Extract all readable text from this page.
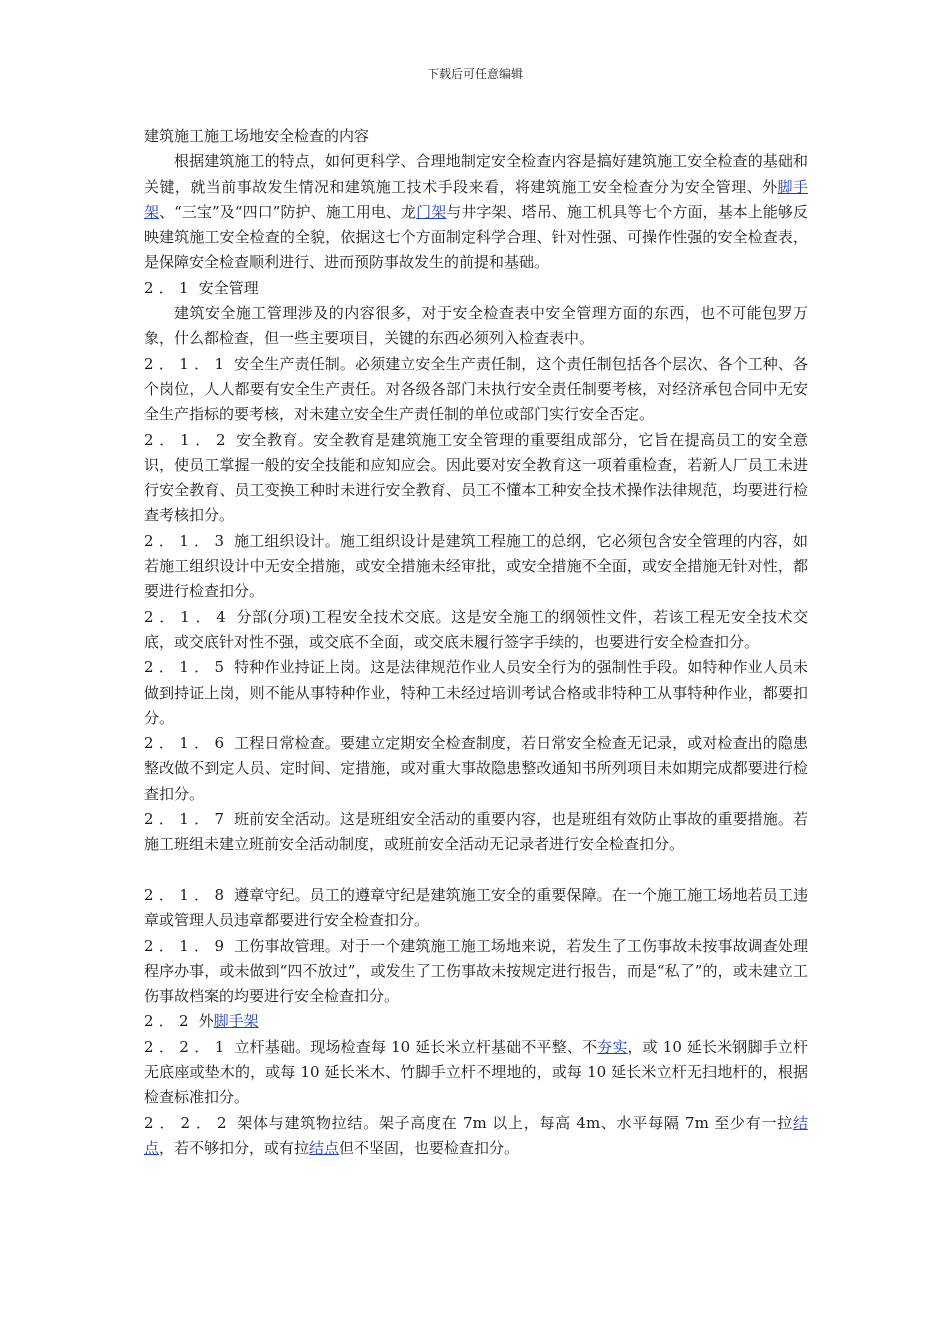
下载后可任意编辑

建筑施工施工场地安全检查的内容

根据建筑施工的特点，如何更科学、合理地制定安全检查内容是搞好建筑施工安全检查的基础和关键，就当前事故发生情况和建筑施工技术手段来看，将建筑施工安全检查分为安全管理、外脚手架、“三宝”及“四口”防护、施工用电、龙门架与井字架、塔吊、施工机具等七个方面，基本上能够反映建筑施工安全检查的全貌，依据这七个方面制定科学合理、针对性强、可操作性强的安全检查表，是保障安全检查顺利进行、进而预防事故发生的前提和基础。

2．1 安全管理

建筑安全施工管理涉及的内容很多，对于安全检查表中安全管理方面的东西，也不可能包罗万象，什么都检查，但一些主要项目，关键的东西必须列入检查表中。

2．1．1 安全生产责任制。必须建立安全生产责任制，这个责任制包括各个层次、各个工种、各个岗位，人人都要有安全生产责任。对各级各部门未执行安全责任制要考核，对经济承包合同中无安全生产指标的要考核，对未建立安全生产责任制的单位或部门实行安全否定。

2．1．2 安全教育。安全教育是建筑施工安全管理的重要组成部分，它旨在提高员工的安全意识，使员工掌握一般的安全技能和应知应会。因此要对安全教育这一项着重检查，若新人厂员工未进行安全教育、员工变换工种时未进行安全教育、员工不懂本工种安全技术操作法律规范，均要进行检查考核扣分。

2．1．3 施工组织设计。施工组织设计是建筑工程施工的总纲，它必须包含安全管理的内容，如若施工组织设计中无安全措施，或安全措施未经审批，或安全措施不全面，或安全措施无针对性，都要进行检查扣分。

2．1．4 分部(分项)工程安全技术交底。这是安全施工的纲领性文件，若该工程无安全技术交底，或交底针对性不强，或交底不全面，或交底未履行签字手续的，也要进行安全检查扣分。

2．1．5 特种作业持证上岗。这是法律规范作业人员安全行为的强制性手段。如特种作业人员未做到持证上岗，则不能从事特种作业，特种工未经过培训考试合格或非特种工从事特种作业，都要扣分。

2．1．6 工程日常检查。要建立定期安全检查制度，若日常安全检查无记录，或对检查出的隐患整改做不到定人员、定时间、定措施，或对重大事故隐患整改通知书所列项目未如期完成都要进行检查扣分。

2．1．7 班前安全活动。这是班组安全活动的重要内容，也是班组有效防止事故的重要措施。若施工班组未建立班前安全活动制度，或班前安全活动无记录者进行安全检查扣分。

2．1．8 遵章守纪。员工的遵章守纪是建筑施工安全的重要保障。在一个施工施工场地若员工违章或管理人员违章都要进行安全检查扣分。

2．1．9 工伤事故管理。对于一个建筑施工施工场地来说，若发生了工伤事故未按事故调查处理程序办事，或未做到“四不放过”，或发生了工伤事故未按规定进行报告，而是“私了”的，或未建立工伤事故档案的均要进行安全检查扣分。

2．2 外脚手架

2．2．1 立杆基础。现场检查每 10 延长米立杆基础不平整、不夯实，或 10 延长米钢脚手立杆无底座或垫木的，或每 10 延长米木、竹脚手立杆不埋地的，或每 10 延长米立杆无扫地杆的，根据检查标准扣分。

2．2．2 架体与建筑物拉结。架子高度在 7m 以上，每高 4m、水平每隔 7m 至少有一拉结点，若不够扣分，或有拉结点但不坚固，也要检查扣分。
